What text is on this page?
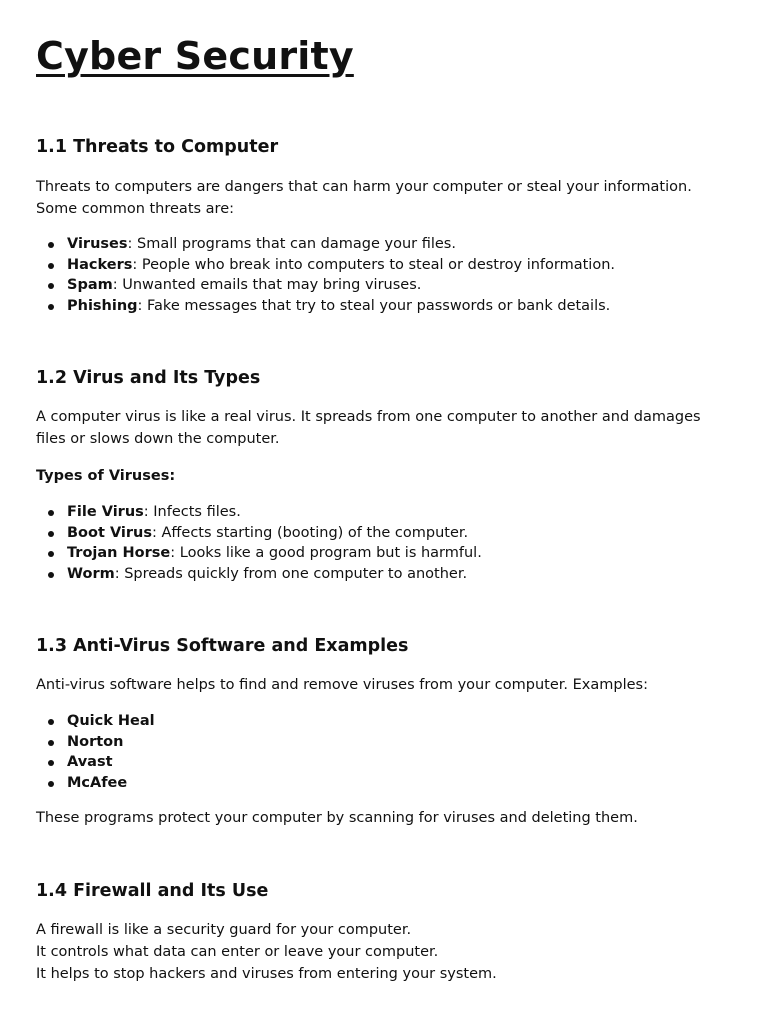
Cyber Security
1.1 Threats to Computer

Threats to computers are dangers that can harm your computer or steal your information. Some common threats are:

Viruses: Small programs that can damage your files.
Hackers: People who break into computers to steal or destroy information.
Spam: Unwanted emails that may bring viruses.
Phishing: Fake messages that try to steal your passwords or bank details.
1.2 Virus and Its Types

A computer virus is like a real virus. It spreads from one computer to another and damages files or slows down the computer.

Types of Viruses:

File Virus: Infects files.
Boot Virus: Affects starting (booting) of the computer.
Trojan Horse: Looks like a good program but is harmful.
Worm: Spreads quickly from one computer to another.
1.3 Anti-Virus Software and Examples

Anti-virus software helps to find and remove viruses from your computer. Examples:

Quick Heal
Norton
Avast
McAfee

These programs protect your computer by scanning for viruses and deleting them.

1.4 Firewall and Its Use

A firewall is like a security guard for your computer.
It controls what data can enter or leave your computer.
It helps to stop hackers and viruses from entering your system.
